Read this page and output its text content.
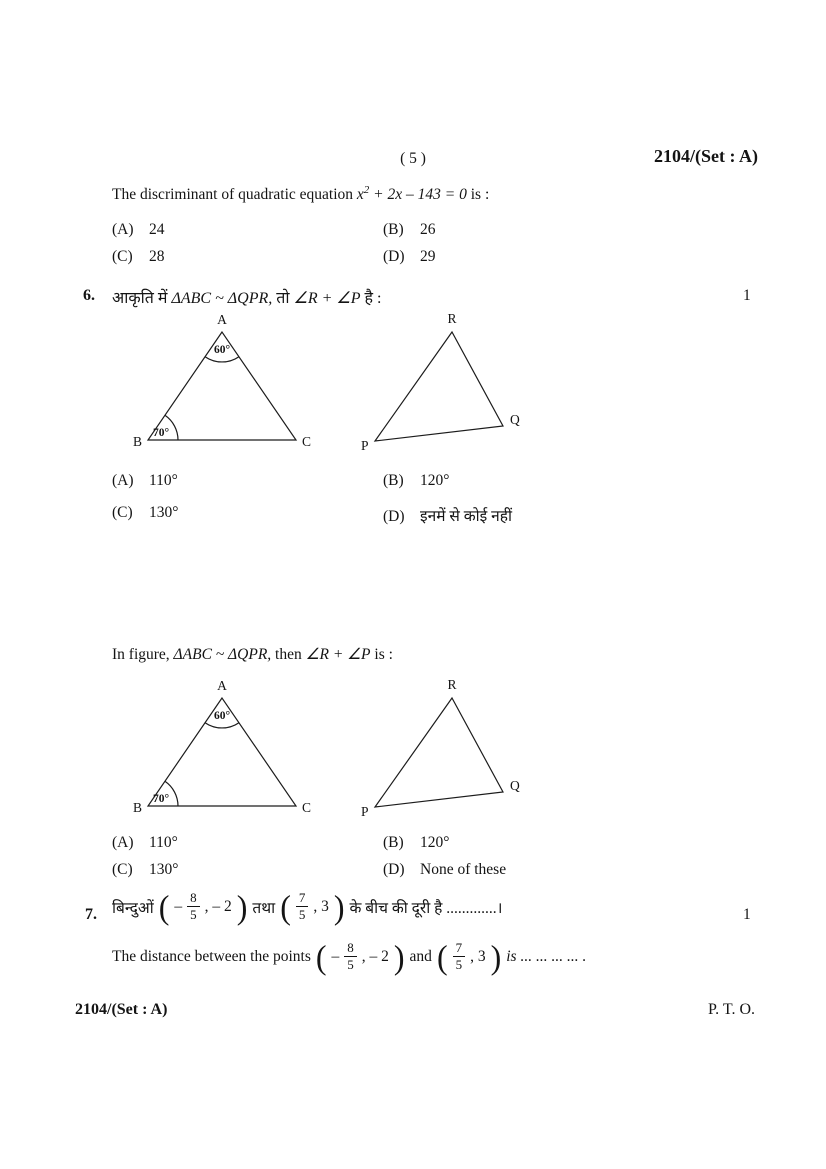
( 5 )	2104/(Set : A)
The discriminant of quadratic equation $x^2 + 2x - 143 = 0$ is :
(A) 24	(B) 26
(C) 28	(D) 29
6. आकृति में ΔABC ~ ΔQPR, तो ∠R + ∠P है :	1
A
B	C
60°
70°
R
P
Q
(A) 110°	(B) 120°
(C) 130°	(D) इनमें से कोई नहीं
In figure, ΔABC ~ ΔQPR, then ∠R + ∠P is :
A
B	C
60°
70°
R
P
Q
(A) 110°	(B) 120°
(C) 130°	(D) None of these
7. बिन्दुओं ( – $\frac{8}{5}$ , – 2 ) तथा ( $\frac{7}{5}$ , 3 ) के बीच की दूरी है .............।	1
The distance between the points ( – $\frac{8}{5}$ , – 2 ) and ( $\frac{7}{5}$ , 3 ) is ... ... ... ... .
2104/(Set : A)	P. T. O.
